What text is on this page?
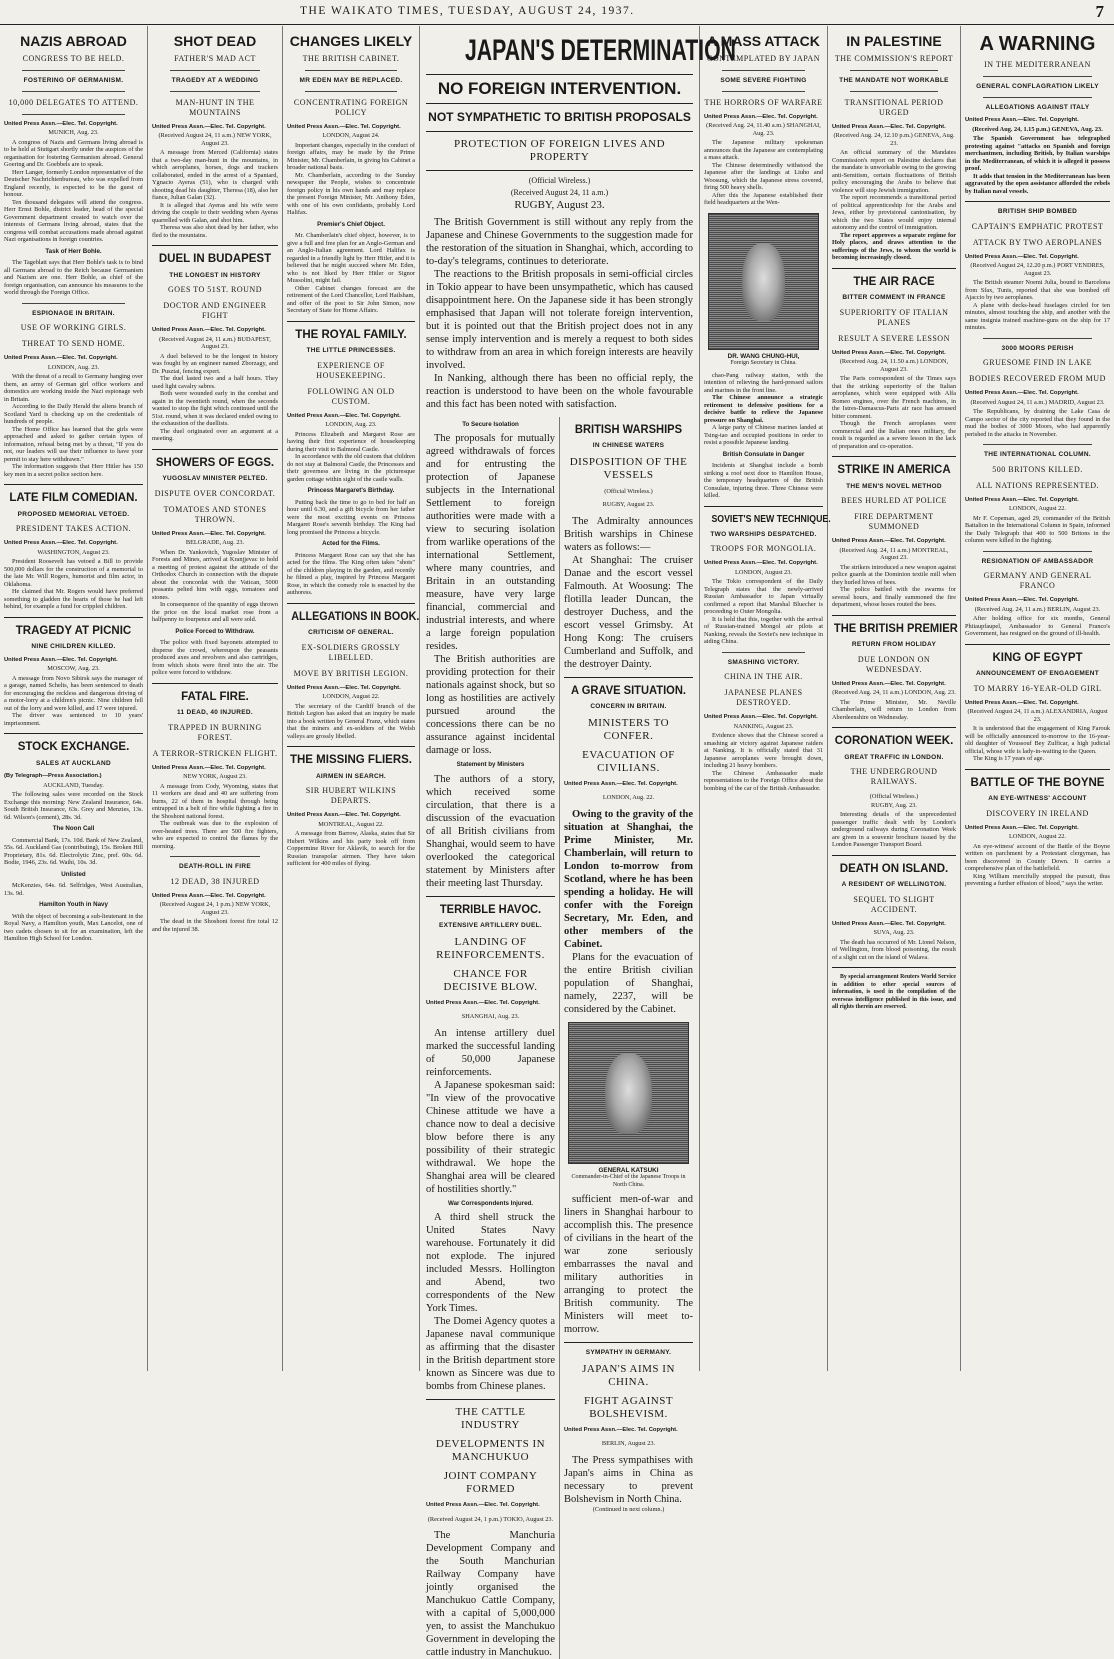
THE WAIKATO TIMES, TUESDAY, AUGUST 24, 1937.	7
NAZIS ABROAD
CONGRESS TO BE HELD.
FOSTERING OF GERMANISM.
10,000 DELEGATES TO ATTEND.
United Press Assn.—Elec. Tel. Copyright.
MUNICH, Aug. 23.

A congress of Nazis and Germans living abroad is to be held at Stuttgart shortly under the auspices of the organisation for fostering Germanism abroad. General Goering and Dr. Goebbels are to speak.

Herr Langer, formerly London representative of the Deutscher Nachrichtenbureau, who was expelled from England recently, is expected to be the guest of honour.

Ten thousand delegates will attend the congress. Herr Ernst Bohle, district leader, head of the special Government department created to watch over the interests of Germans living abroad, states that the congress will combat accusations made abroad against Nazi organisations in foreign countries.

Task of Herr Bohle.

The Tageblatt says that Herr Bohle's task is to bind all Germans abroad to the Reich because Germanism and Nazism are one. Herr Bohle, as chief of the foreign organisation, can announce his measures to the world through the Foreign Office.

ESPIONAGE IN BRITAIN.
USE OF WORKING GIRLS.
THREAT TO SEND HOME.
United Press Assn.—Elec. Tel. Copyright.
LONDON, Aug. 23.

With the threat of a recall to Germany hanging over them, an army of German girl office workers and domestics are working inside the Nazi espionage web in Britain.

According to the Daily Herald the aliens branch of Scotland Yard is checking up on the credentials of hundreds of people.

The Home Office has learned that the girls were approached and asked to gather certain types of information, refusal being met by a threat, "If you do not, our leaders will use their influence to have your permit to stay here withdrawn."

The information suggests that Herr Hitler has 150 key men in a secret police section here.

LATE FILM COMEDIAN.
PROPOSED MEMORIAL VETOED.
PRESIDENT TAKES ACTION.
United Press Assn.—Elec. Tel. Copyright.
WASHINGTON, August 23.

President Roosevelt has vetoed a Bill to provide 500,000 dollars for the construction of a memorial to the late Mr. Will Rogers, humorist and film actor, in Oklahoma.

He claimed that Mr. Rogers would have preferred something to gladden the hearts of those he had left behind, for example a fund for crippled children.

TRAGEDY AT PICNIC
NINE CHILDREN KILLED.
United Press Assn.—Elec. Tel. Copyright.
MOSCOW, Aug. 23.

A message from Novo Sibirsk says the manager of a garage, named Schelts, has been sentenced to death for encouraging the reckless and dangerous driving of a motor-lorry at a children's picnic. Nine children fell out of the lorry and were killed, and 17 were injured.

The driver was sentenced to 10 years' imprisonment.

STOCK EXCHANGE.
SALES AT AUCKLAND
(By Telegraph—Press Association.)
AUCKLAND, Tuesday.

The following sales were recorded on the Stock Exchange this morning: New Zealand Insurance, 64s. South British Insurance, 63s. Grey and Menzies, 13s. 6d. Wilson's (cement), 28s. 3d.

The Noon Call

Commercial Bank, 17s. 10d. Bank of New Zealand, 55s. 6d. Auckland Gas (contributing), 15s. Broken Hill Proprietary, 81s. 6d. Electrolytic Zinc, pref. 60s. 6d. Bodie, 1946, 23s. 6d. Waihi, 10s. 3d.

Unlisted

McKenzies, 64s. 6d. Selfridges, West Australian, 13s. 9d.

Hamilton Youth in Navy

With the object of becoming a sub-lieutenant in the Royal Navy, a Hamilton youth, Max Lancelot, one of two cadets chosen to sit for an examination, left the Hamilton High School for London.

SHOT DEAD
FATHER'S MAD ACT
TRAGEDY AT A WEDDING
MAN-HUNT IN THE MOUNTAINS
United Press Assn.—Elec. Tel. Copyright.
(Received August 24, 11 a.m.) NEW YORK, August 23.

A message from Merced (California) states that a two-day man-hunt in the mountains, in which aeroplanes, horses, dogs and trackers collaborated, ended in the arrest of a Spaniard, Ygnacio Ayeras (51), who is charged with shooting dead his daughter, Theresa (18), also her fiance, Julian Galan (32).

It is alleged that Ayeras and his wife were driving the couple to their wedding when Ayeras quarrelled with Galan, and shot him.

Theresa was also shot dead by her father, who fled to the mountains.

DUEL IN BUDAPEST
THE LONGEST IN HISTORY
GOES TO 51ST. ROUND
DOCTOR AND ENGINEER FIGHT
United Press Assn.—Elec. Tel. Copyright.
(Received August 24, 11 a.m.) BUDAPEST, August 23.

A duel believed to be the longest in history was fought by an engineer named Zborzagy, and Dr. Pusztai, fencing expert.

The duel lasted two and a half hours. They used light cavalry sabres.

Both were wounded early in the combat and again in the twentieth round, when the seconds wanted to stop the fight which continued until the 51st. round, when it was declared ended owing to the exhaustion of the duellists.

The duel originated over an argument at a meeting.

SHOWERS OF EGGS.
YUGOSLAV MINISTER PELTED.
DISPUTE OVER CONCORDAT.
TOMATOES AND STONES THROWN.
United Press Assn.—Elec. Tel. Copyright.
BELGRADE, Aug. 23.

When Dr. Yankovitch, Yugoslav Minister of Forests and Mines, arrived at Kranjjevac to hold a meeting of protest against the attitude of the Orthodox Church in connection with the dispute about the concordat with the Vatican, 5000 peasants pelted him with eggs, tomatoes and stones.

In consequence of the quantity of eggs thrown the price on the local market rose from a halfpenny to fourpence and all were sold.

Police Forced to Withdraw.

The police with fixed bayonets attempted to disperse the crowd, whereupon the peasants produced axes and revolvers and also cartridges, from which shots were fired into the air. The police were forced to withdraw.

FATAL FIRE.
11 DEAD, 40 INJURED.
TRAPPED IN BURNING FOREST.
A TERROR-STRICKEN FLIGHT.
United Press Assn.—Elec. Tel. Copyright.
NEW YORK, August 23.

A message from Cody, Wyoming, states that 11 workers are dead and 40 are suffering from burns, 22 of them in hospital through being entrapped in a belt of fire while fighting a fire in the Shoshoni national forest.

The outbreak was due to the explosion of over-heated trees. There are 500 fire fighters, who are expected to control the flames by the morning.

DEATH-ROLL IN FIRE
12 DEAD, 38 INJURED
United Press Assn.—Elec. Tel. Copyright.
(Received August 24, 1 p.m.) NEW YORK, August 23.

The dead in the Shoshoni forest fire total 12 and the injured 38.

CHANGES LIKELY
THE BRITISH CABINET.
MR EDEN MAY BE REPLACED.
CONCENTRATING FOREIGN POLICY
United Press Assn.—Elec. Tel. Copyright.
LONDON, August 24.

Important changes, especially in the conduct of foreign affairs, may be made by the Prime Minister, Mr. Chamberlain, in giving his Cabinet a broader national basis.

Mr. Chamberlain, according to the Sunday newspaper the People, wishes to concentrate foreign policy in his own hands and may replace the present Foreign Minister, Mr. Anthony Eden, with one of his own confidants, probably Lord Halifax.

Premier's Chief Object.

Mr. Chamberlain's chief object, however, is to give a full and free plan for an Anglo-German and an Anglo-Italian agreement. Lord Halifax is regarded in a friendly light by Herr Hitler, and it is believed that he might succeed where Mr. Eden, who is not liked by Herr Hitler or Signor Mussolini, might fail.

Other Cabinet changes forecast are the retirement of the Lord Chancellor, Lord Hailsham, and offer of the post to Sir John Simon, now Secretary of State for Home Affairs.

THE ROYAL FAMILY.
THE LITTLE PRINCESSES.
EXPERIENCE OF HOUSEKEEPING.
FOLLOWING AN OLD CUSTOM.
United Press Assn.—Elec. Tel. Copyright.
LONDON, Aug. 23.

Princess Elizabeth and Margaret Rose are having their first experience of housekeeping during their visit to Balmoral Castle.

In accordance with the old custom that children do not stay at Balmoral Castle, the Princesses and their governess are living in the picturesque garden cottage within sight of the castle walls.

Princess Margaret's Birthday.

Putting back the time to go to bed for half an hour until 6.30, and a gift bicycle from her father were the most exciting events on Princess Margaret Rose's seventh birthday. The King had long promised the Princess a bicycle.

Acted for the Films.

Princess Margaret Rose can say that she has acted for the films. The King often takes "shots" of the children playing in the garden, and recently he filmed a play, inspired by Princess Margaret Rose, in which the comedy role is enacted by the authoress.

ALLEGATIONS IN BOOK.
CRITICISM OF GENERAL.
EX-SOLDIERS GROSSLY LIBELLED.
MOVE BY BRITISH LEGION.
United Press Assn.—Elec. Tel. Copyright.
LONDON, August 22.

The secretary of the Cardiff branch of the British Legion has asked that an inquiry be made into a book written by General Franz, which states that the miners and ex-soldiers of the Welsh valleys are grossly libelled.

THE MISSING FLIERS.
AIRMEN IN SEARCH.
SIR HUBERT WILKINS DEPARTS.
United Press Assn.—Elec. Tel. Copyright.
MONTREAL, August 22.

A message from Barrow, Alaska, states that Sir Hubert Wilkins and his party took off from Coppermine River for Aklavik, to search for the Russian transpolar airmen. They have taken sufficient for 400 miles of flying.

JAPAN'S DETERMINATION
NO FOREIGN INTERVENTION.
NOT SYMPATHETIC TO BRITISH PROPOSALS
PROTECTION OF FOREIGN LIVES AND PROPERTY
(Official Wireless.)
(Received August 24, 11 a.m.)
RUGBY, August 23.

The British Government is still without any reply from the Japanese and Chinese Governments to the suggestion made for the restoration of the situation in Shanghai, which, according to to-day's telegrams, continues to deteriorate.

The reactions to the British proposals in semi-official circles in Tokio appear to have been unsympathetic, which has caused disappointment here. On the Japanese side it has been strongly emphasised that Japan will not tolerate foreign intervention, but it is pointed out that the British project does not in any sense imply intervention and is merely a request to both sides to withdraw from an area in which foreign interests are heavily involved.

In Nanking, although there has been no official reply, the reaction is understood to have been on the whole favourable and this fact has been noted with satisfaction.

To Secure Isolation

The proposals for mutually agreed withdrawals of forces and for entrusting the protection of Japanese subjects in the International Settlement to foreign authorities were made with a view to securing isolation from warlike operations of the international Settlement, where many countries, and Britain in an outstanding measure, have very large financial, commercial and industrial interests, and where a large foreign population resides.

The British authorities are providing protection for their nationals against shock, but so long as hostilities are actively pursued around the concessions there can be no assurance against incidental damage or loss.

Statement by Ministers

The authors of a story, which received some circulation, that there is a discussion of the evacuation of all British civilians from Shanghai, would seem to have overlooked the categorical statement by Ministers after their meeting last Thursday.

TERRIBLE HAVOC.
EXTENSIVE ARTILLERY DUEL.
LANDING OF REINFORCEMENTS.
CHANCE FOR DECISIVE BLOW.
United Press Assn.—Elec. Tel. Copyright.
SHANGHAI, Aug. 23.

An intense artillery duel marked the successful landing of 50,000 Japanese reinforcements.

A Japanese spokesman said: "In view of the provocative Chinese attitude we have a chance now to deal a decisive blow before there is any possibility of their strategic withdrawal. We hope the Shanghai area will be cleared of hostilities shortly."

War Correspondents Injured.

A third shell struck the United States Navy warehouse. Fortunately it did not explode. The injured included Messrs. Hollington and Abend, two correspondents of the New York Times.

The Domei Agency quotes a Japanese naval communique as affirming that the disaster in the British department store known as Sincere was due to bombs from Chinese planes.

THE CATTLE INDUSTRY
DEVELOPMENTS IN MANCHUKUO
JOINT COMPANY FORMED
United Press Assn.—Elec. Tel. Copyright.
(Received August 24, 1 p.m.) TOKIO, August 23.

The Manchuria Development Company and the South Manchurian Railway Company have jointly organised the Manchukuo Cattle Company, with a capital of 5,000,000 yen, to assist the Manchukuo Government in developing the cattle industry in Manchukuo.

BRITISH WARSHIPS
IN CHINESE WATERS
DISPOSITION OF THE VESSELS
(Official Wireless.)
RUGBY, August 23.

The Admiralty announces British warships in Chinese waters as follows:—

At Shanghai: The cruiser Danae and the escort vessel Falmouth. At Woosung: The flotilla leader Duncan, the destroyer Duchess, and the escort vessel Grimsby. At Hong Kong: The cruisers Cumberland and Suffolk, and the destroyer Dainty.

A GRAVE SITUATION.
CONCERN IN BRITAIN.
MINISTERS TO CONFER.
EVACUATION OF CIVILIANS.
United Press Assn.—Elec. Tel. Copyright.
LONDON, Aug. 22.

Owing to the gravity of the situation at Shanghai, the Prime Minister, Mr. Chamberlain, will return to London to-morrow from Scotland, where he has been spending a holiday. He will confer with the Foreign Secretary, Mr. Eden, and other members of the Cabinet.

Plans for the evacuation of the entire British civilian population of Shanghai, namely, 2237, will be considered by the Cabinet.

GENERAL KATSUKI
Commander-in-Chief of the Japanese Troops in North China.

sufficient men-of-war and liners in Shanghai harbour to accomplish this. The presence of civilians in the heart of the war zone seriously embarrasses the naval and military authorities in arranging to protect the British community. The Ministers will meet to-morrow.

SYMPATHY IN GERMANY.
JAPAN'S AIMS IN CHINA.
FIGHT AGAINST BOLSHEVISM.
United Press Assn.—Elec. Tel. Copyright.
BERLIN, August 23.

The Press sympathises with Japan's aims in China as necessary to prevent Bolshevism in North China.

(Continued in next column.)
A MASS ATTACK
CONTEMPLATED BY JAPAN
SOME SEVERE FIGHTING
THE HORRORS OF WARFARE
United Press Assn.—Elec. Tel. Copyright.
(Received Aug. 24, 11.40 a.m.) SHANGHAI, Aug. 23.

The Japanese military spokesman announces that the Japanese are contemplating a mass attack.

The Chinese determinedly withstood the Japanese after the landings at Liuho and Woosung, which the Japanese stress covered, firing 500 heavy shells.

After this the Japanese established their field headquarters at the Wen-

DR. WANG CHUNG-HUI,
Foreign Secretary in China.

chao-Pang railway station, with the intention of relieving the hard-pressed sailors and marines in the front line.

The Chinese announce a strategic retirement to defensive positions for a decisive battle to relieve the Japanese pressure on Shanghai.

A large party of Chinese marines landed at Tsing-tao and occupied positions in order to resist a possible Japanese landing.

British Consulate in Danger

Incidents at Shanghai include a bomb striking a roof next door to Hamilton House, the temporary headquarters of the British Consulate, injuring three. Three Chinese were killed.

SOVIET'S NEW TECHNIQUE.
TWO WARSHIPS DESPATCHED.
TROOPS FOR MONGOLIA.
United Press Assn.—Elec. Tel. Copyright.
LONDON, August 23.

The Tokio correspondent of the Daily Telegraph states that the newly-arrived Russian Ambassador to Japan virtually confirmed a report that Marshal Bluecher is proceeding to Outer Mongolia.

It is held that this, together with the arrival of Russian-trained Mongol air pilots at Nanking, reveals the Soviet's new technique in aiding China.

SMASHING VICTORY.
CHINA IN THE AIR.
JAPANESE PLANES DESTROYED.
United Press Assn.—Elec. Tel. Copyright.
NANKING, August 23.

Evidence shows that the Chinese scored a smashing air victory against Japanese raiders at Nanking. It is officially stated that 31 Japanese aeroplanes were brought down, including 21 heavy bombers.

The Chinese Ambassador made representations to the Foreign Office about the bombing of the car of the British Ambassador.

IN PALESTINE
THE COMMISSION'S REPORT
THE MANDATE NOT WORKABLE
TRANSITIONAL PERIOD URGED
United Press Assn.—Elec. Tel. Copyright.
(Received Aug. 24, 12.10 p.m.) GENEVA, Aug. 23.

An official summary of the Mandates Commission's report on Palestine declares that the mandate is unworkable owing to the growing anti-Semitism, certain fluctuations of British policy encouraging the Arabs to believe that violence will stop Jewish immigration.

The report recommends a transitional period of political apprenticeship for the Arabs and Jews, either by provisional cantonisation, by which the two States would enjoy internal autonomy and the control of immigration.

The report approves a separate regime for Holy places, and draws attention to the sufferings of the Jews, to whom the world is becoming increasingly closed.

THE AIR RACE
BITTER COMMENT IN FRANCE
SUPERIORITY OF ITALIAN PLANES
RESULT A SEVERE LESSON
United Press Assn.—Elec. Tel. Copyright.
(Received Aug. 24, 11.50 a.m.) LONDON, August 23.

The Paris correspondent of the Times says that the striking superiority of the Italian aeroplanes, which were equipped with Alfa Romeo engines, over the French machines, in the Istres-Damascus-Paris air race has aroused bitter comment.

Though the French aeroplanes were commercial and the Italian ones military, the result is regarded as a severe lesson in the lack of preparation and co-operation.

STRIKE IN AMERICA
THE MEN'S NOVEL METHOD
BEES HURLED AT POLICE
FIRE DEPARTMENT SUMMONED
United Press Assn.—Elec. Tel. Copyright.
(Received Aug. 24, 11 a.m.) MONTREAL, August 23.

The strikers introduced a new weapon against police guards at the Dominion textile mill when they hurled hives of bees.

The police battled with the swarms for several hours, and finally summoned the fire department, whose hoses routed the bees.

THE BRITISH PREMIER
RETURN FROM HOLIDAY
DUE LONDON ON WEDNESDAY.
United Press Assn.—Elec. Tel. Copyright.
(Received Aug. 24, 11 a.m.) LONDON, Aug. 23.

The Prime Minister, Mr. Neville Chamberlain, will return to London from Aberdeenshire on Wednesday.

CORONATION WEEK.
GREAT TRAFFIC IN LONDON.
THE UNDERGROUND RAILWAYS.
(Official Wireless.)
RUGBY, Aug. 23.

Interesting details of the unprecedented passenger traffic dealt with by London's underground railways during Coronation Week are given in a souvenir brochure issued by the London Passenger Transport Board.

DEATH ON ISLAND.
A RESIDENT OF WELLINGTON.
SEQUEL TO SLIGHT ACCIDENT.
United Press Assn.—Elec. Tel. Copyright.
SUVA, Aug. 23.

The death has occurred of Mr. Lionel Nelson, of Wellington, from blood poisoning, the result of a slight cut on the island of Walava.

By special arrangement Reuters World Service in addition to other special sources of information, is used in the compilation of the overseas intelligence published in this issue, and all rights therein are reserved.

A WARNING
IN THE MEDITERRANEAN
GENERAL CONFLAGRATION LIKELY
ALLEGATIONS AGAINST ITALY
United Press Assn.—Elec. Tel. Copyright.
(Received Aug. 24, 1.15 p.m.) GENEVA, Aug. 23.

The Spanish Government has telegraphed protesting against "attacks on Spanish and foreign merchantmen, including British, by Italian warships in the Mediterranean, of which it is alleged it possess proof.

It adds that tension in the Mediterranean has been aggravated by the open assistance afforded the rebels by Italian naval vessels.

BRITISH SHIP BOMBED
CAPTAIN'S EMPHATIC PROTEST
ATTACK BY TWO AEROPLANES
United Press Assn.—Elec. Tel. Copyright.
(Received August 24, 12.20 p.m.) PORT VENDRES, August 23.

The British steamer Noemi Julia, bound to Barcelona from Sfax, Tunis, reported that she was bombed off Ajaccio by two aeroplanes.

A plane with decks-head fuselages circled for ten minutes, almost touching the ship, and another with the same insignia trained machine-guns on the ship for 17 minutes.

3000 MOORS PERISH
GRUESOME FIND IN LAKE
BODIES RECOVERED FROM MUD
United Press Assn.—Elec. Tel. Copyright.
(Received August 24, 11 a.m.) MADRID, August 23.

The Republicans, by draining the Lake Casa de Campo sector of the city reported that they found in the mud the bodies of 3000 Moors, who had apparently perished in the attacks in November.

THE INTERNATIONAL COLUMN.
500 BRITONS KILLED.
ALL NATIONS REPRESENTED.
United Press Assn.—Elec. Tel. Copyright.
LONDON, August 22.

Mr F. Copeman, aged 29, commander of the British Battalion in the International Column in Spain, informed the Daily Telegraph that 400 to 500 Britons in the column were killed in the fighting.

RESIGNATION OF AMBASSADOR
GERMANY AND GENERAL FRANCO
United Press Assn.—Elec. Tel. Copyright.
(Received Aug. 24, 11 a.m.) BERLIN, August 23.

After holding office for six months, General Phiiaupfaupel, Ambassador to General Franco's Government, has resigned on the ground of ill-health.

KING OF EGYPT
ANNOUNCEMENT OF ENGAGEMENT
TO MARRY 16-YEAR-OLD GIRL
United Press Assn.—Elec. Tel. Copyright.
(Received August 24, 11 a.m.) ALEXANDRIA, August 23.

It is understood that the engagement of King Farouk will be officially announced to-morrow to the 16-year-old daughter of Youssouf Bey Zulficar, a high judicial official, whose wife is lady-in-waiting to the Queen.

The King is 17 years of age.

BATTLE OF THE BOYNE
AN EYE-WITNESS' ACCOUNT
DISCOVERY IN IRELAND
United Press Assn.—Elec. Tel. Copyright.
LONDON, August 22.

An eye-witness' account of the Battle of the Boyne written on parchment by a Protestant clergyman, has been discovered in County Down. It carries a comprehensive plan of the battlefield.

King William mercifully stopped the pursuit, thus preventing a further effusion of blood," says the writer.
